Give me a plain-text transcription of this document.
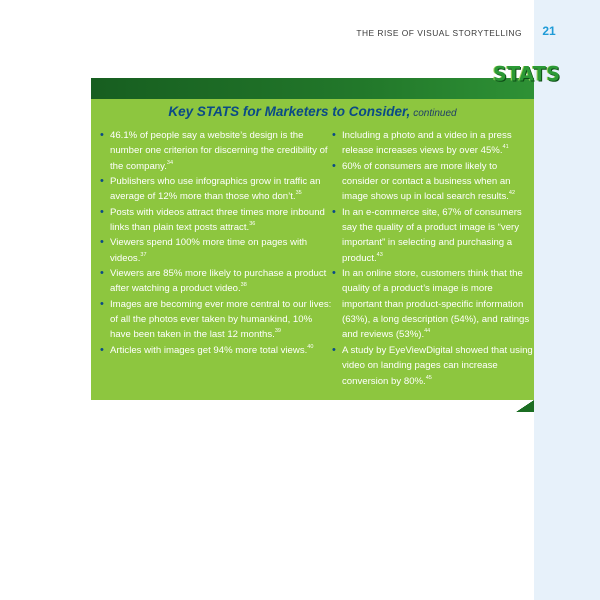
THE RISE OF VISUAL STORYTELLING	21
STATS
Key STATS for Marketers to Consider, continued
• 46.1% of people say a website’s design is the number one criterion for discerning the credibility of the company.$^{34}$
• Publishers who use infographics grow in traffic an average of 12% more than those who don’t.$^{35}$
• Posts with videos attract three times more inbound links than plain text posts attract.$^{36}$
• Viewers spend 100% more time on pages with videos.$^{37}$
• Viewers are 85% more likely to purchase a product after watching a product video.$^{38}$
• Images are becoming ever more central to our lives: of all the photos ever taken by humankind, 10% have been taken in the last 12 months.$^{39}$
• Articles with images get 94% more total views.$^{40}$
• Including a photo and a video in a press release increases views by over 45%.$^{41}$
• 60% of consumers are more likely to consider or contact a business when an image shows up in local search results.$^{42}$
• In an e-commerce site, 67% of consumers say the quality of a product image is “very important” in selecting and purchasing a product.$^{43}$
• In an online store, customers think that the quality of a product’s image is more important than product-specific information (63%), a long description (54%), and ratings and reviews (53%).$^{44}$
• A study by EyeViewDigital showed that using video on landing pages can increase conversion by 80%.$^{45}$
